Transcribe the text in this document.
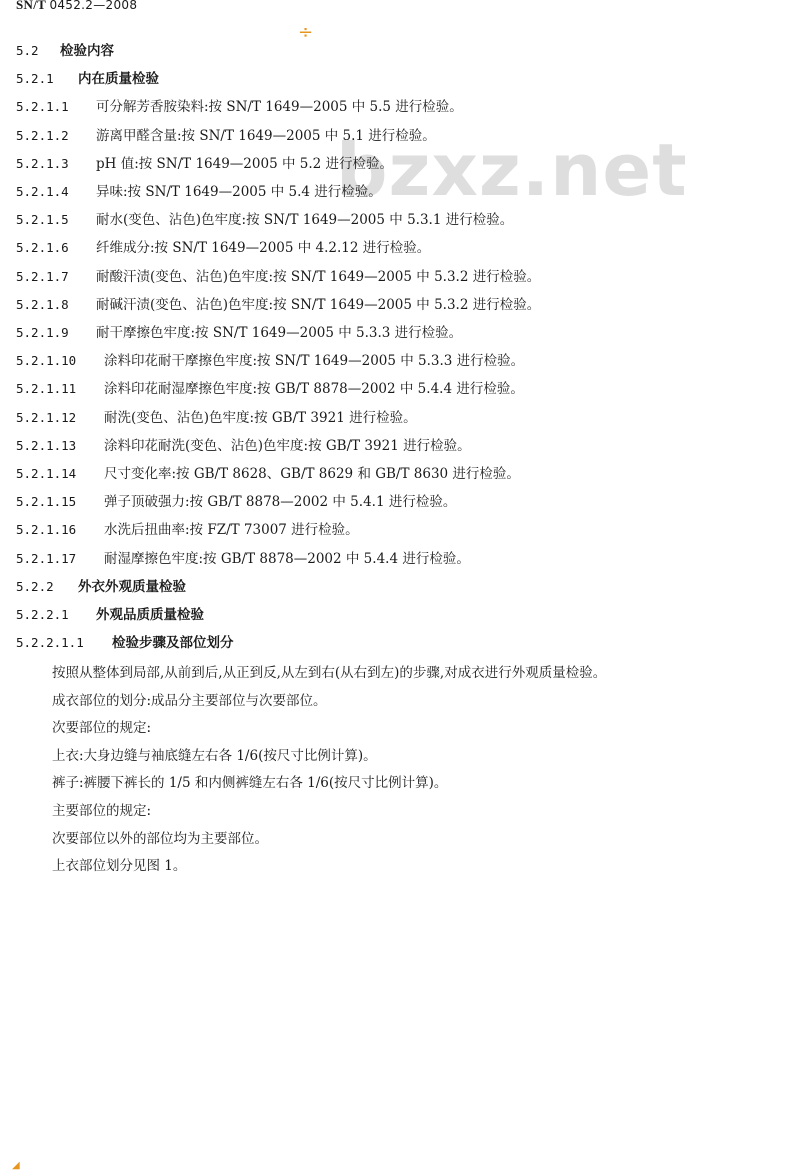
SN/T 0452.2—2008
÷
bzxz.net
5.2 检验内容
5.2.1 内在质量检验
5.2.1.1 可分解芳香胺染料:按 SN/T 1649—2005 中 5.5 进行检验。
5.2.1.2 游离甲醛含量:按 SN/T 1649—2005 中 5.1 进行检验。
5.2.1.3 pH 值:按 SN/T 1649—2005 中 5.2 进行检验。
5.2.1.4 异味:按 SN/T 1649—2005 中 5.4 进行检验。
5.2.1.5 耐水(变色、沾色)色牢度:按 SN/T 1649—2005 中 5.3.1 进行检验。
5.2.1.6 纤维成分:按 SN/T 1649—2005 中 4.2.12 进行检验。
5.2.1.7 耐酸汗渍(变色、沾色)色牢度:按 SN/T 1649—2005 中 5.3.2 进行检验。
5.2.1.8 耐碱汗渍(变色、沾色)色牢度:按 SN/T 1649—2005 中 5.3.2 进行检验。
5.2.1.9 耐干摩擦色牢度:按 SN/T 1649—2005 中 5.3.3 进行检验。
5.2.1.10 涂料印花耐干摩擦色牢度:按 SN/T 1649—2005 中 5.3.3 进行检验。
5.2.1.11 涂料印花耐湿摩擦色牢度:按 GB/T 8878—2002 中 5.4.4 进行检验。
5.2.1.12 耐洗(变色、沾色)色牢度:按 GB/T 3921 进行检验。
5.2.1.13 涂料印花耐洗(变色、沾色)色牢度:按 GB/T 3921 进行检验。
5.2.1.14 尺寸变化率:按 GB/T 8628、GB/T 8629 和 GB/T 8630 进行检验。
5.2.1.15 弹子顶破强力:按 GB/T 8878—2002 中 5.4.1 进行检验。
5.2.1.16 水洗后扭曲率:按 FZ/T 73007 进行检验。
5.2.1.17 耐湿摩擦色牢度:按 GB/T 8878—2002 中 5.4.4 进行检验。
5.2.2 外衣外观质量检验
5.2.2.1 外观品质质量检验
5.2.2.1.1 检验步骤及部位划分
按照从整体到局部,从前到后,从正到反,从左到右(从右到左)的步骤,对成衣进行外观质量检验。
成衣部位的划分:成品分主要部位与次要部位。
次要部位的规定:
上衣:大身边缝与袖底缝左右各 1/6(按尺寸比例计算)。
裤子:裤腰下裤长的 1/5 和内侧裤缝左右各 1/6(按尺寸比例计算)。
主要部位的规定:
次要部位以外的部位均为主要部位。
上衣部位划分见图 1。
◢
